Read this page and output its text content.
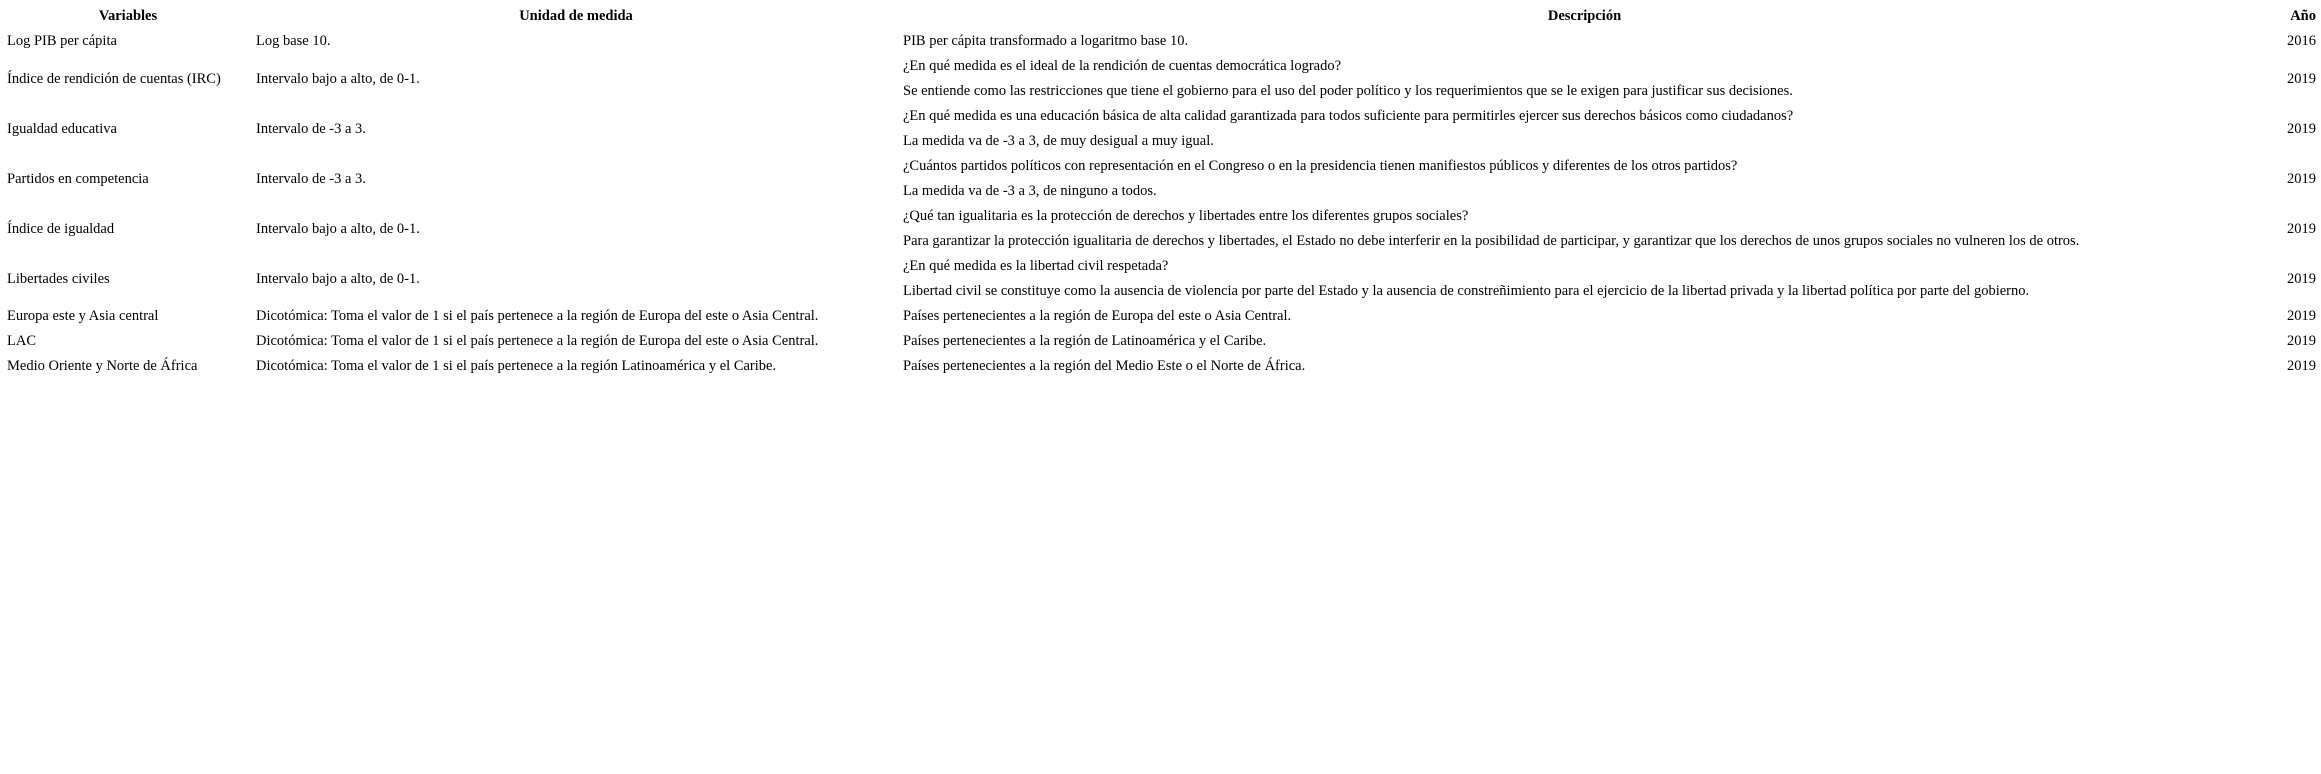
Variables	Unidad de medida	Descripción	Año
Log PIB per cápita	Log base 10.	PIB per cápita transformado a logaritmo base 10.	2016
Índice de rendición de cuentas (IRC)	Intervalo bajo a alto, de 0-1.	¿En qué medida es el ideal de la rendición de cuentas democrática logrado?	2019
		Se entiende como las restricciones que tiene el gobierno para el uso del poder político y los requerimientos que se le exigen para justificar sus decisiones.	
Igualdad educativa	Intervalo de -3 a 3.	¿En qué medida es una educación básica de alta calidad garantizada para todos suficiente para permitirles ejercer sus derechos básicos como ciudadanos?	2019
		La medida va de -3 a 3, de muy desigual a muy igual.	
Partidos en competencia	Intervalo de -3 a 3.	¿Cuántos partidos políticos con representación en el Congreso o en la presidencia tienen manifiestos públicos y diferentes de los otros partidos?	2019
		La medida va de -3 a 3, de ninguno a todos.	
Índice de igualdad	Intervalo bajo a alto, de 0-1.	¿Qué tan igualitaria es la protección de derechos y libertades entre los diferentes grupos sociales?	2019
		Para garantizar la protección igualitaria de derechos y libertades, el Estado no debe interferir en la posibilidad de participar, y garantizar que los derechos de unos grupos sociales no vulneren los de otros.	
Libertades civiles	Intervalo bajo a alto, de 0-1.	¿En qué medida es la libertad civil respetada?	2019
		Libertad civil se constituye como la ausencia de violencia por parte del Estado y la ausencia de constreñimiento para el ejercicio de la libertad privada y la libertad política por parte del gobierno.	
Europa este y Asia central	Dicotómica: Toma el valor de 1 si el país pertenece a la región de Europa del este o Asia Central.	Países pertenecientes a la región de Europa del este o Asia Central.	2019
LAC	Dicotómica: Toma el valor de 1 si el país pertenece a la región de Europa del este o Asia Central.	Países pertenecientes a la región de Latinoamérica y el Caribe.	2019
Medio Oriente y Norte de África	Dicotómica: Toma el valor de 1 si el país pertenece a la región Latinoamérica y el Caribe.	Países pertenecientes a la región del Medio Este o el Norte de África.	2019
